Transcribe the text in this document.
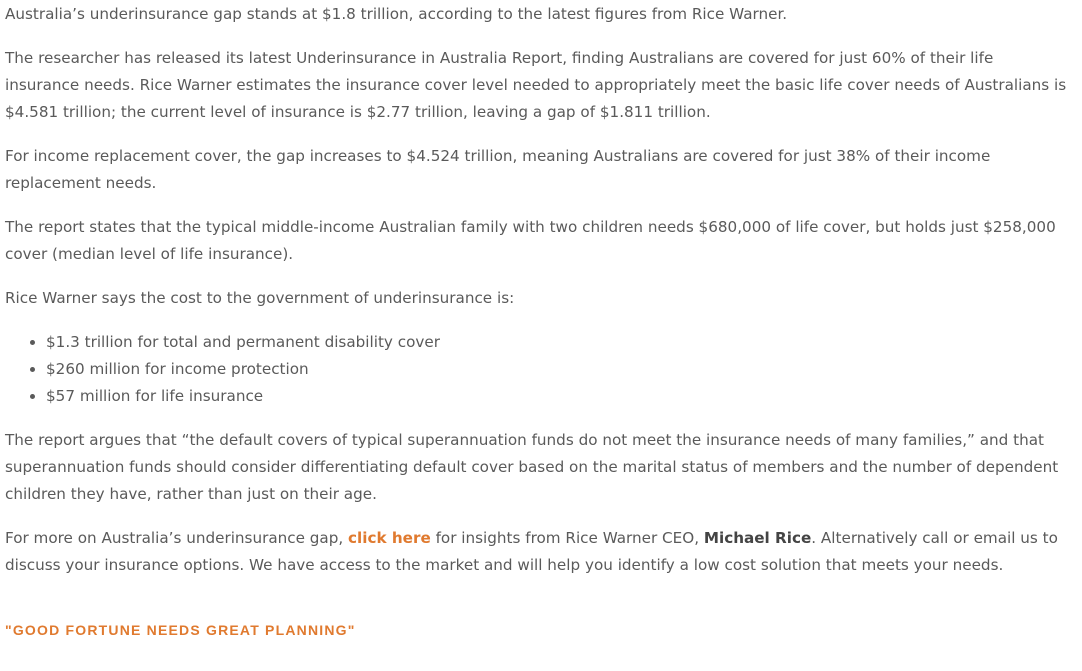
Australia’s underinsurance gap stands at $1.8 trillion, according to the latest figures from Rice Warner.

The researcher has released its latest Underinsurance in Australia Report, finding Australians are covered for just 60% of their life insurance needs. Rice Warner estimates the insurance cover level needed to appropriately meet the basic life cover needs of Australians is $4.581 trillion; the current level of insurance is $2.77 trillion, leaving a gap of $1.811 trillion.

For income replacement cover, the gap increases to $4.524 trillion, meaning Australians are covered for just 38% of their income replacement needs.

The report states that the typical middle-income Australian family with two children needs $680,000 of life cover, but holds just $258,000 cover (median level of life insurance).

Rice Warner says the cost to the government of underinsurance is:

• $1.3 trillion for total and permanent disability cover
• $260 million for income protection
• $57 million for life insurance

The report argues that “the default covers of typical superannuation funds do not meet the insurance needs of many families,” and that superannuation funds should consider differentiating default cover based on the marital status of members and the number of dependent children they have, rather than just on their age.

For more on Australia’s underinsurance gap, click here for insights from Rice Warner CEO, Michael Rice. Alternatively call or email us to discuss your insurance options. We have access to the market and will help you identify a low cost solution that meets your needs.

"GOOD FORTUNE NEEDS GREAT PLANNING"
